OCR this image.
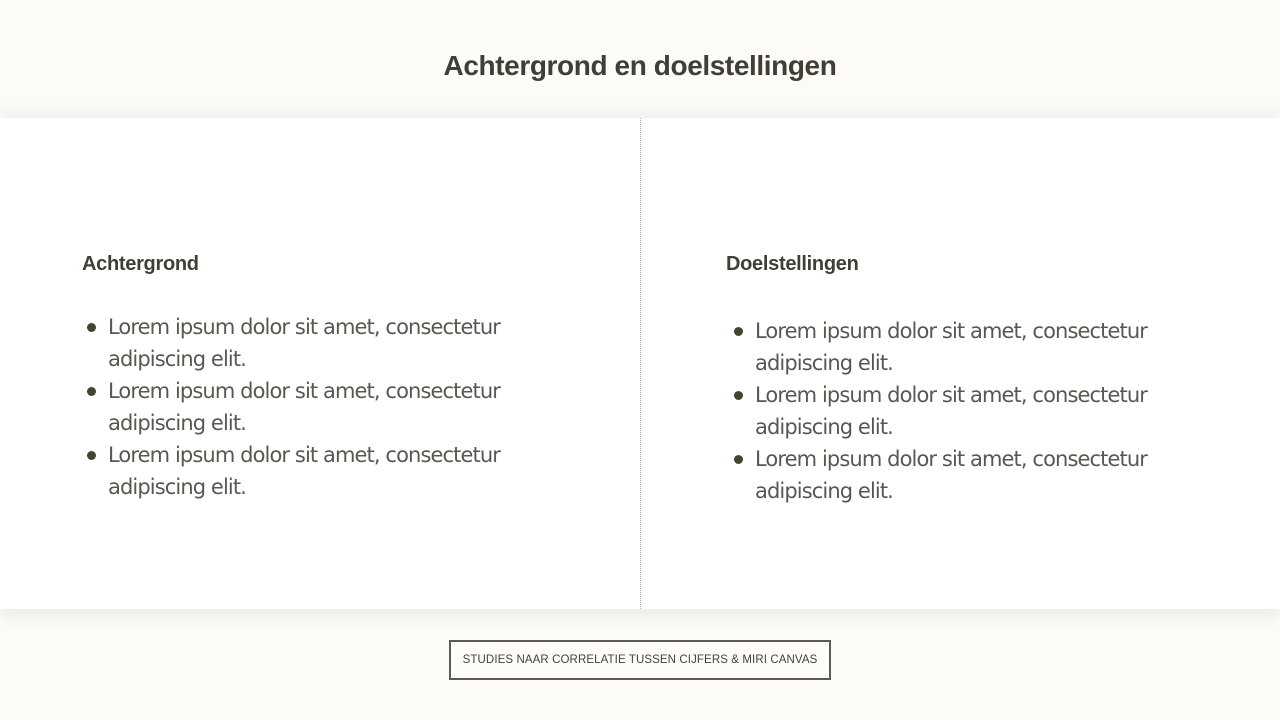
Achtergrond en doelstellingen
Achtergrond
Lorem ipsum dolor sit amet, consectetur adipiscing elit.
Lorem ipsum dolor sit amet, consectetur adipiscing elit.
Lorem ipsum dolor sit amet, consectetur adipiscing elit.
Doelstellingen
Lorem ipsum dolor sit amet, consectetur adipiscing elit.
Lorem ipsum dolor sit amet, consectetur adipiscing elit.
Lorem ipsum dolor sit amet, consectetur adipiscing elit.
STUDIES NAAR CORRELATIE TUSSEN CIJFERS & MIRI CANVAS
